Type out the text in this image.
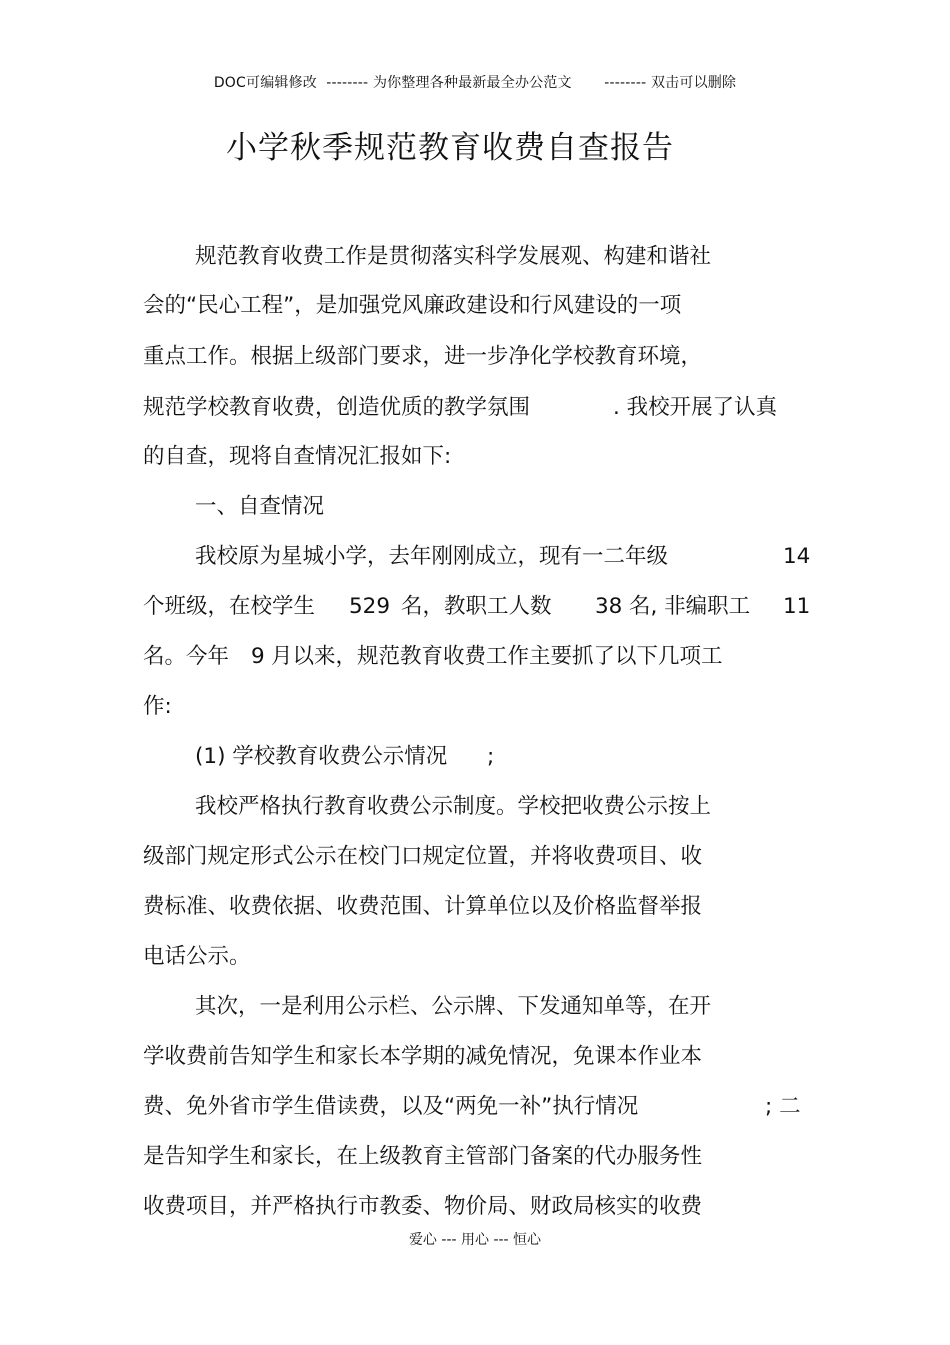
DOC可编辑修改  -------- 为你整理各种最新最全办公范文       -------- 双击可以删除
小学秋季规范教育收费自查报告
规范教育收费工作是贯彻落实科学发展观、构建和谐社
会的“民心工程”，是加强党风廉政建设和行风建设的一项
重点工作。根据上级部门要求，进一步净化学校教育环境，
规范学校教育收费，创造优质的教学氛围	. 我校开展了认真
的自查，现将自查情况汇报如下:
一、自查情况
我校原为星城小学，去年刚刚成立，现有一二年级	14
个班级，在校学生 529 名，教职工人数 38 名, 非编职工 11
名。今年 9 月以来，规范教育收费工作主要抓了以下几项工
作:
(1) 学校教育收费公示情况 ;
我校严格执行教育收费公示制度。学校把收费公示按上
级部门规定形式公示在校门口规定位置，并将收费项目、收
费标准、收费依据、收费范围、计算单位以及价格监督举报
电话公示。
其次，一是利用公示栏、公示牌、下发通知单等，在开
学收费前告知学生和家长本学期的减免情况，免课本作业本
费、免外省市学生借读费，以及“两免一补”执行情况	; 二
是告知学生和家长，在上级教育主管部门备案的代办服务性
收费项目，并严格执行市教委、物价局、财政局核实的收费
爱心 --- 用心 --- 恒心
